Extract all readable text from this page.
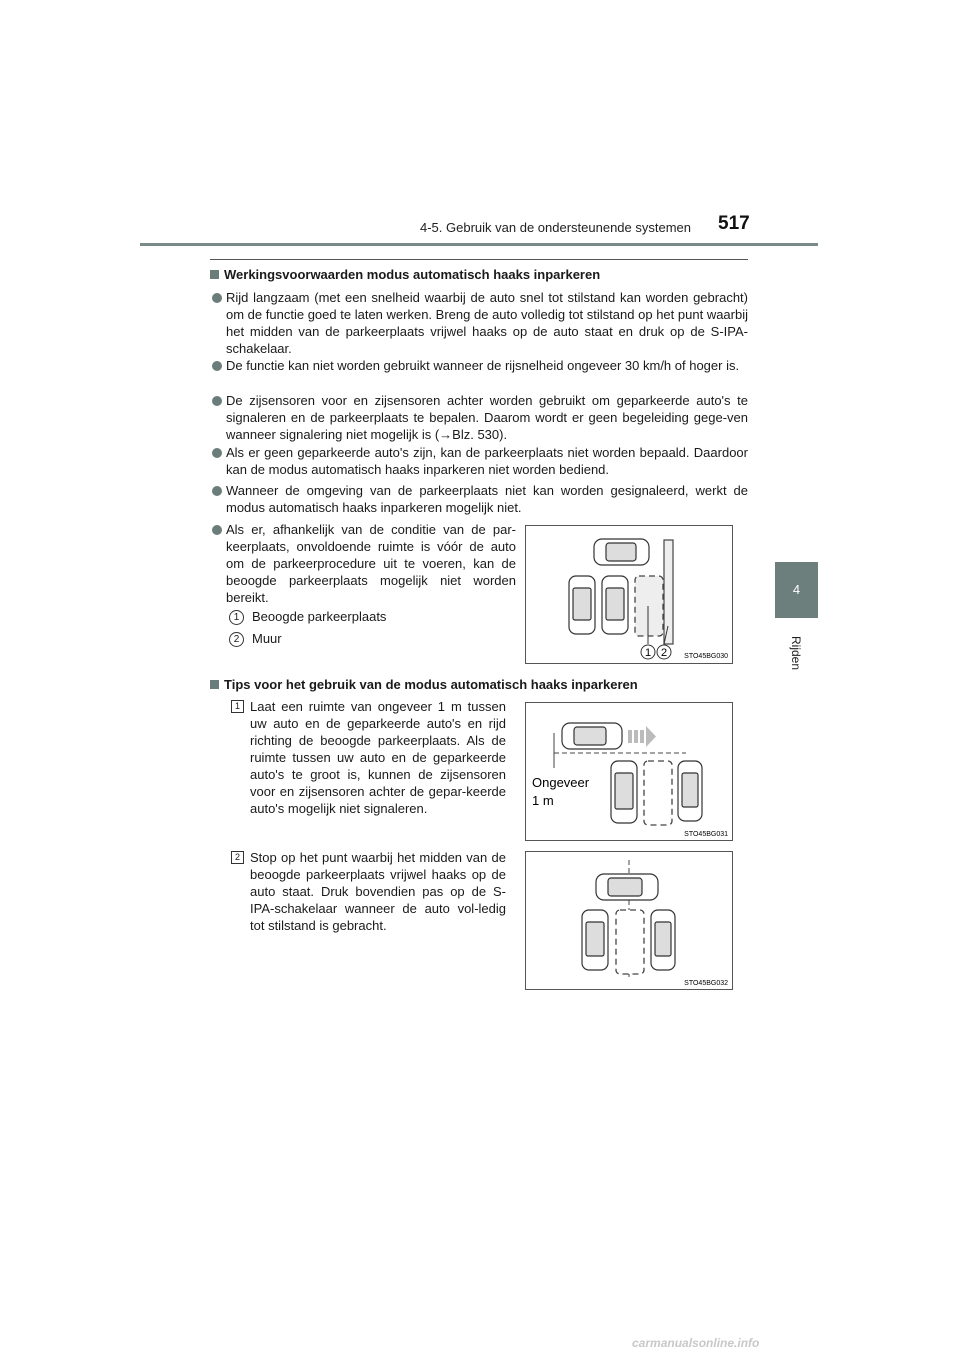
4-5. Gebruik van de ondersteunende systemen 517
4
Rijden
Werkingsvoorwaarden modus automatisch haaks inparkeren
Rijd langzaam (met een snelheid waarbij de auto snel tot stilstand kan worden gebracht) om de functie goed te laten werken. Breng de auto volledig tot stilstand op het punt waarbij het midden van de parkeerplaats vrijwel haaks op de auto staat en druk op de S-IPA-schakelaar.
De functie kan niet worden gebruikt wanneer de rijsnelheid ongeveer 30 km/h of hoger is.
De zijsensoren voor en zijsensoren achter worden gebruikt om geparkeerde auto's te signaleren en de parkeerplaats te bepalen. Daarom wordt er geen begeleiding gege-ven wanneer signalering niet mogelijk is (→Blz. 530).
Als er geen geparkeerde auto's zijn, kan de parkeerplaats niet worden bepaald. Daardoor kan de modus automatisch haaks inparkeren niet worden bediend.
Wanneer de omgeving van de parkeerplaats niet kan worden gesignaleerd, werkt de modus automatisch haaks inparkeren mogelijk niet.
Als er, afhankelijk van de conditie van de par-keerplaats, onvoldoende ruimte is vóór de auto om de parkeerprocedure uit te voeren, kan de beoogde parkeerplaats mogelijk niet worden bereikt.
1 Beoogde parkeerplaats
2 Muur
1 2 STO45BG030
Tips voor het gebruik van de modus automatisch haaks inparkeren
1 Laat een ruimte van ongeveer 1 m tussen uw auto en de geparkeerde auto's en rijd richting de beoogde parkeerplaats. Als de ruimte tussen uw auto en de geparkeerde auto's te groot is, kunnen de zijsensoren voor en zijsensoren achter de gepar-keerde auto's mogelijk niet signaleren.
2 Stop op het punt waarbij het midden van de beoogde parkeerplaats vrijwel haaks op de auto staat. Druk bovendien pas op de S-IPA-schakelaar wanneer de auto vol-ledig tot stilstand is gebracht.
Ongeveer
1 m
STO45BG031
STO45BG032
carmanualsonline.info
